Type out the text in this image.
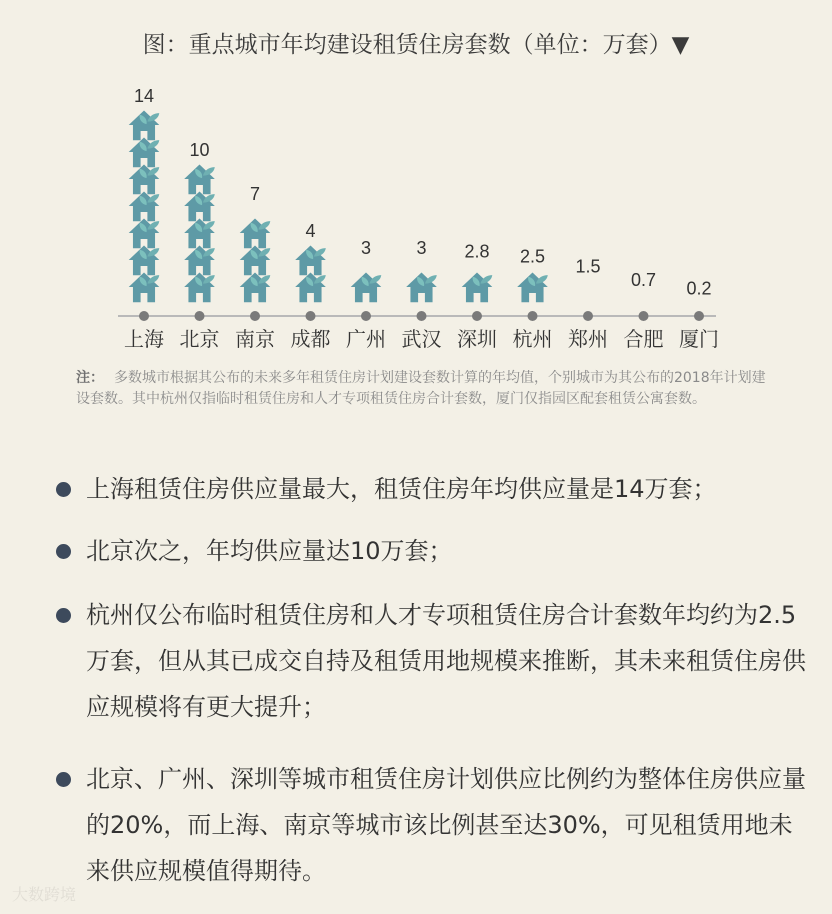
图：重点城市年均建设租赁住房套数（单位：万套）▼
14
10
7
4
3	3 2.8 2.5 1.5
0.7 0.2
上海 北京 南京 成都 广州 武汉 深圳 杭州 郑州 合肥 厦门
注： 多数城市根据其公布的未来多年租赁住房计划建设套数计算的年均值，个别城市为其公布的2018年计划建设套数。其中杭州仅指临时租赁住房和人才专项租赁住房合计套数，厦门仅指园区配套租赁公寓套数。
上海租赁住房供应量最大，租赁住房年均供应量是14万套；
北京次之，年均供应量达10万套；
杭州仅公布临时租赁住房和人才专项租赁住房合计套数年均约为2.5万套，但从其已成交自持及租赁用地规模来推断，其未来租赁住房供应规模将有更大提升；
北京、广州、深圳等城市租赁住房计划供应比例约为整体住房供应量的20%，而上海、南京等城市该比例甚至达30%，可见租赁用地未来供应规模值得期待。
大数跨境
